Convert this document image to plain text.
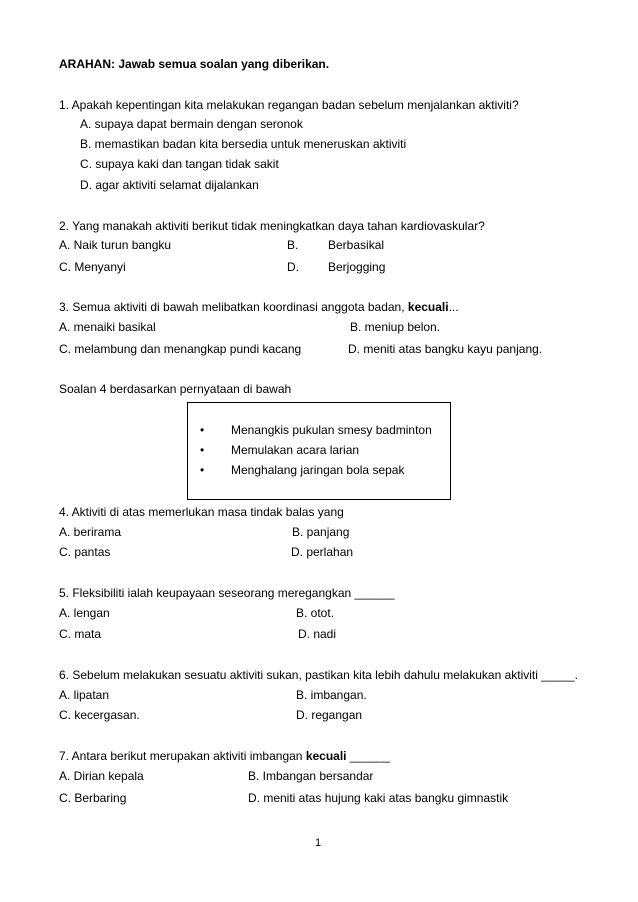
ARAHAN: Jawab semua soalan yang diberikan.
1. Apakah kepentingan kita melakukan regangan badan sebelum menjalankan aktiviti?
A. supaya dapat bermain dengan seronok
B. memastikan badan kita bersedia untuk meneruskan aktiviti
C. supaya kaki dan tangan tidak sakit
D. agar aktiviti selamat dijalankan
2. Yang manakah aktiviti berikut tidak meningkatkan daya tahan kardiovaskular?
A. Naik turun bangku	B. Berbasikal
C. Menyanyi	D. Berjogging
3. Semua aktiviti di bawah melibatkan koordinasi anggota badan, kecuali...
A. menaiki basikal	B. meniup belon.
C. melambung dan menangkap pundi kacang	D. meniti atas bangku kayu panjang.
Soalan 4 berdasarkan pernyataan di bawah
• Menangkis pukulan smesy badminton
• Memulakan acara larian
• Menghalang jaringan bola sepak
4. Aktiviti di atas memerlukan masa tindak balas yang
A. berirama	B. panjang
C. pantas	D. perlahan
5. Fleksibiliti ialah keupayaan seseorang meregangkan ______
A. lengan	B. otot.
C. mata	D. nadi
6. Sebelum melakukan sesuatu aktiviti sukan, pastikan kita lebih dahulu melakukan aktiviti _____.
A. lipatan	B. imbangan.
C. kecergasan.	D. regangan
7. Antara berikut merupakan aktiviti imbangan kecuali ______
A. Dirian kepala	B. Imbangan bersandar
C. Berbaring	D. meniti atas hujung kaki atas bangku gimnastik
1
